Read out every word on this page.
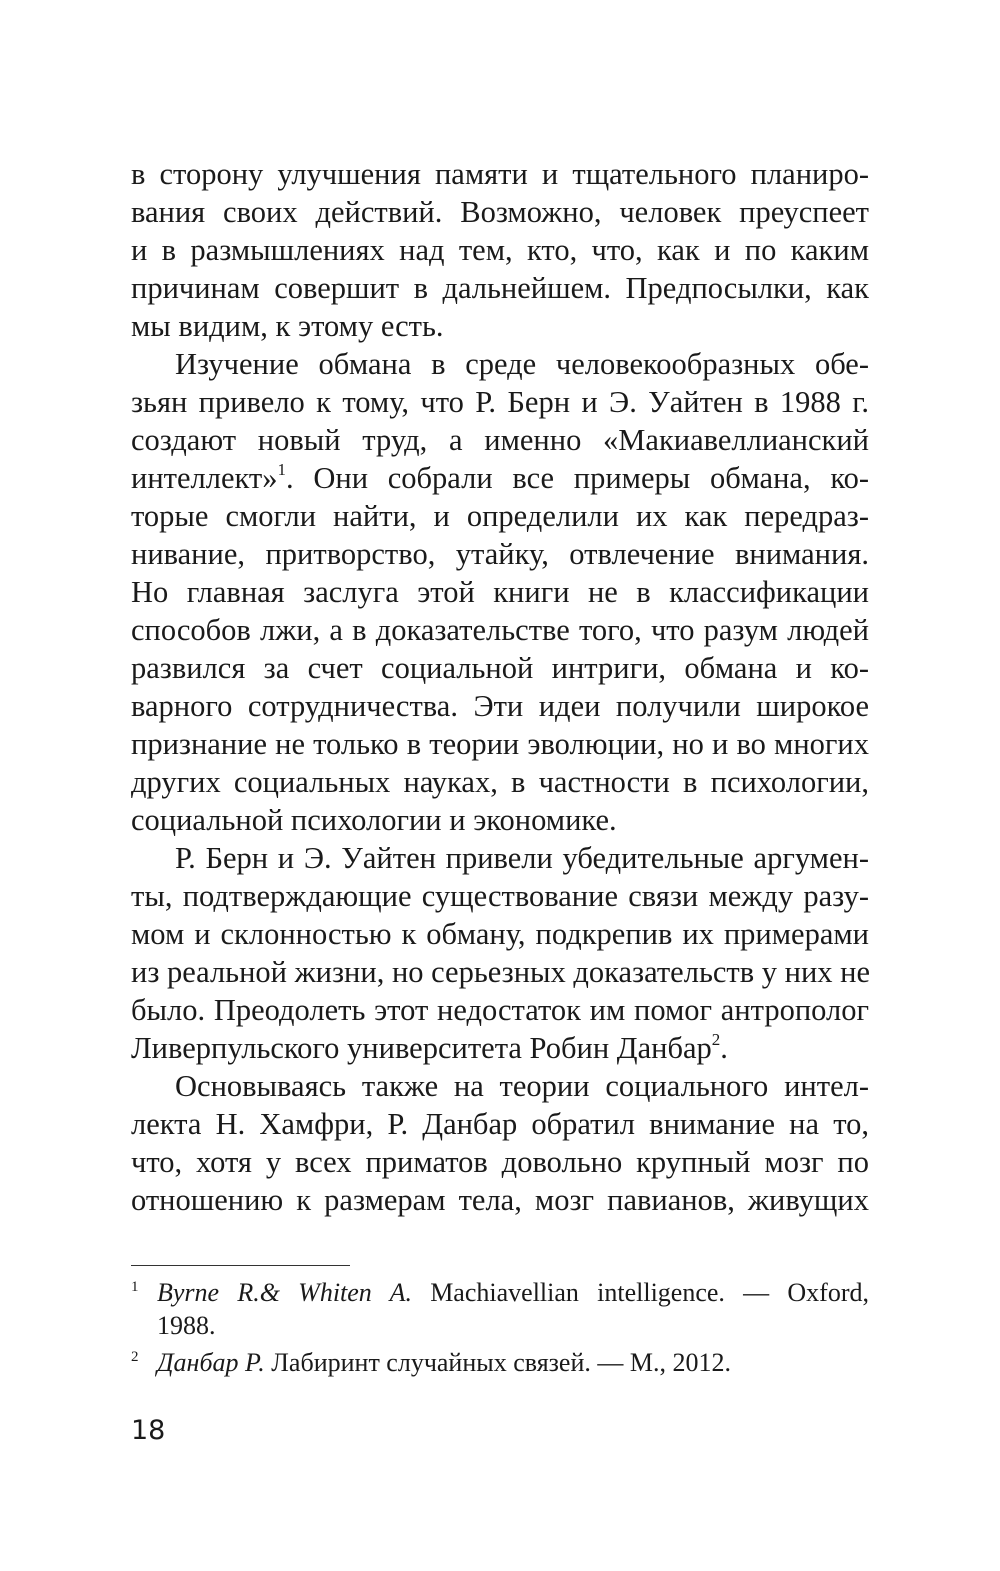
в сторону улучшения памяти и тщательного планиро-
вания своих действий. Возможно, человек преуспеет
и в размышлениях над тем, кто, что, как и по каким
причинам совершит в дальнейшем. Предпосылки, как
мы видим, к этому есть.
Изучение обмана в среде человекообразных обе-
зьян привело к тому, что Р. Берн и Э. Уайтен в 1988 г.
создают новый труд, а именно «Макиавеллианский
интеллект»$^1$. Они собрали все примеры обмана, ко-
торые смогли найти, и определили их как передраз-
нивание, притворство, утайку, отвлечение внимания.
Но главная заслуга этой книги не в классификации
способов лжи, а в доказательстве того, что разум людей
развился за счет социальной интриги, обмана и ко-
варного сотрудничества. Эти идеи получили широкое
признание не только в теории эволюции, но и во многих
других социальных науках, в частности в психологии,
социальной психологии и экономике.
Р. Берн и Э. Уайтен привели убедительные аргумен-
ты, подтверждающие существование связи между разу-
мом и склонностью к обману, подкрепив их примерами
из реальной жизни, но серьезных доказательств у них не
было. Преодолеть этот недостаток им помог антрополог
Ливерпульского университета Робин Данбар$^2$.
Основываясь также на теории социального интел-
лекта Н. Хамфри, Р. Данбар обратил внимание на то,
что, хотя у всех приматов довольно крупный мозг по
отношению к размерам тела, мозг павианов, живущих
1 Byrne R.& Whiten A. Machiavellian intelligence. — Oxford,
1988.
2 Данбар Р. Лабиринт случайных связей. — М., 2012.
18
